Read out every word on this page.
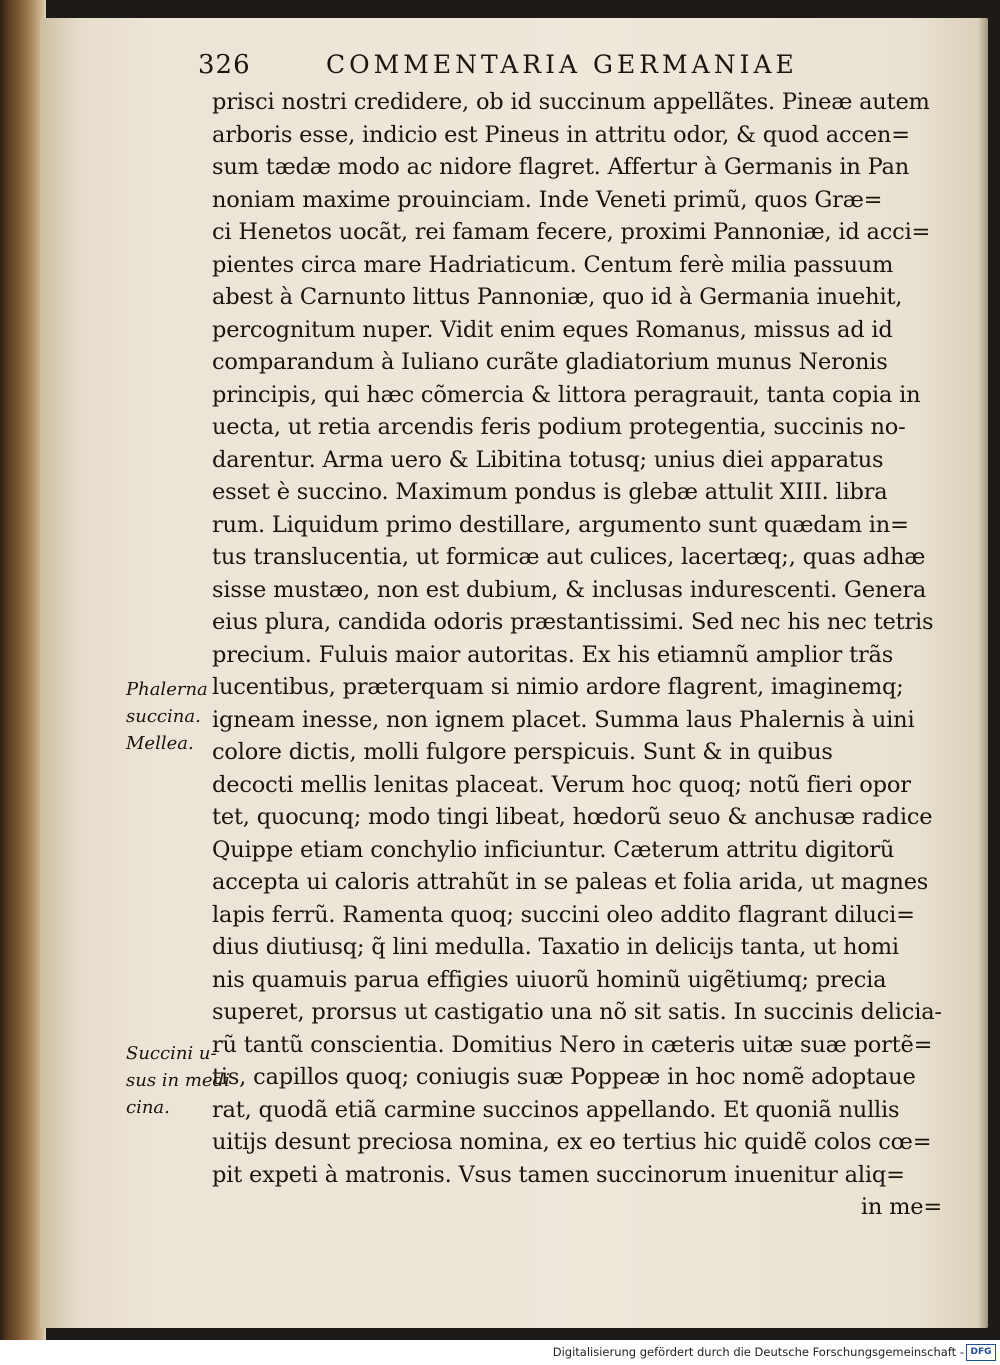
326	COMMENTARIA GERMANIAE
prisci nostri credidere, ob id succinum appellãtes. Pineæ autem
arboris esse, indicio est Pineus in attritu odor, & quod accen=
sum tædæ modo ac nidore flagret. Affertur à Germanis in Pan
noniam maxime prouinciam. Inde Veneti primũ, quos Græ=
ci Henetos uocãt, rei famam fecere, proximi Pannoniæ, id acci=
pientes circa mare Hadriaticum. Centum ferè milia passuum
abest à Carnunto littus Pannoniæ, quo id à Germania inuehit,
percognitum nuper. Vidit enim eques Romanus, missus ad id
comparandum à Iuliano curãte gladiatorium munus Neronis
principis, qui hæc cõmercia & littora peragrauit, tanta copia in
uecta, ut retia arcendis feris podium protegentia, succinis no-
darentur. Arma uero & Libitina totusq; unius diei apparatus
esset è succino. Maximum pondus is glebæ attulit XIII. libra
rum. Liquidum primo destillare, argumento sunt quædam in=
tus translucentia, ut formicæ aut culices, lacertæq;, quas adhæ
sisse mustæo, non est dubium, & inclusas indurescenti. Genera
eius plura, candida odoris præstantissimi. Sed nec his nec tetris
precium. Fuluis maior autoritas. Ex his etiamnũ amplior trãs
lucentibus, præterquam si nimio ardore flagrent, imaginemq;
igneam inesse, non ignem placet. Summa laus Phalernis à uini
colore dictis, molli fulgore perspicuis. Sunt & in quibus
decocti mellis lenitas placeat. Verum hoc quoq; notũ fieri opor
tet, quocunq; modo tingi libeat, hœdorũ seuo & anchusæ radice
Quippe etiam conchylio inficiuntur. Cæterum attritu digitorũ
accepta ui caloris attrahũt in se paleas et folia arida, ut magnes
lapis ferrũ. Ramenta quoq; succini oleo addito flagrant diluci=
dius diutiusq; q̃ lini medulla. Taxatio in delicijs tanta, ut homi
nis quamuis parua effigies uiuorũ hominũ uigẽtiumq; precia
superet, prorsus ut castigatio una nõ sit satis. In succinis delicia-
rũ tantũ conscientia. Domitius Nero in cæteris uitæ suæ portẽ=
tis, capillos quoq; coniugis suæ Poppeæ in hoc nomẽ adoptaue
rat, quodã etiã carmine succinos appellando. Et quoniã nullis
uitijs desunt preciosa nomina, ex eo tertius hic quidẽ colos cœ=
pit expeti à matronis. Vsus tamen succinorum inuenitur aliq=
in me=
Phalerna
succina.
Mellea.
Succini u-
sus in medi
cina.
Digitalisierung gefördert durch die Deutsche Forschungsgemeinschaft - DFG
